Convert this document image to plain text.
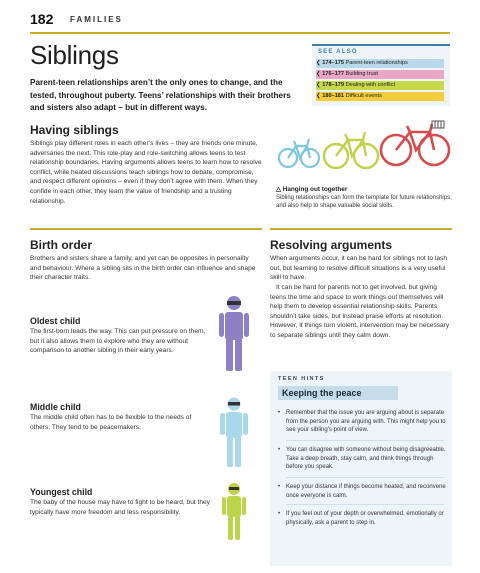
182 FAMILIES
Siblings
Parent-teen relationships aren’t the only ones to change, and the tested, throughout puberty. Teens’ relationships with their brothers and sisters also adapt – but in different ways.
SEE ALSO
❮ 174–175 Parent-teen relationships
❮ 176–177 Building trust
❮ 178–179 Dealing with conflict
❮ 180–181 Difficult events
Having siblings
Siblings play different roles in each other’s lives – they are friends one minute, adversaries the next. This role-play and role-switching allows teens to test relationship boundaries. Having arguments allows teens to learn how to resolve conflict, while heated discussions teach siblings how to debate, compromise, and respect different opinions – even if they don’t agree with them. When they confide in each other, they learn the value of friendship and a trusting relationship.
△ Hanging out together
Sibling relationships can form the template for future relationships, and also help to shape valuable social skills.
Birth order
Brothers and sisters share a family, and yet can be opposites in personality and behaviour. Where a sibling sits in the birth order can influence and shape their character traits.
Oldest child
The first-born leads the way. This can put pressure on them, but it also allows them to explore who they are without comparison to another sibling in their early years.
Middle child
The middle child often has to be flexible to the needs of others. They tend to be peacemakers.
Youngest child
The baby of the house may have to fight to be heard, but they typically have more freedom and less responsibility.
Resolving arguments
When arguments occur, it can be hard for siblings not to lash out, but learning to resolve difficult situations is a very useful skill to have.
It can be hard for parents not to get involved, but giving teens the time and space to work things out themselves will help them to develop essential relationship skills. Parents shouldn’t take sides, but instead praise efforts at resolution. However, if things turn violent, intervention may be necessary to separate siblings until they calm down.
TEEN HINTS
Keeping the peace
• Remember that the issue you are arguing about is separate from the person you are arguing with. This might help you to see your sibling’s point of view.
• You can disagree with someone without being disagreeable. Take a deep breath, stay calm, and think things through before you speak.
• Keep your distance if things become heated, and reconvene once everyone is calm.
• If you feel out of your depth or overwhelmed, emotionally or physically, ask a parent to step in.
